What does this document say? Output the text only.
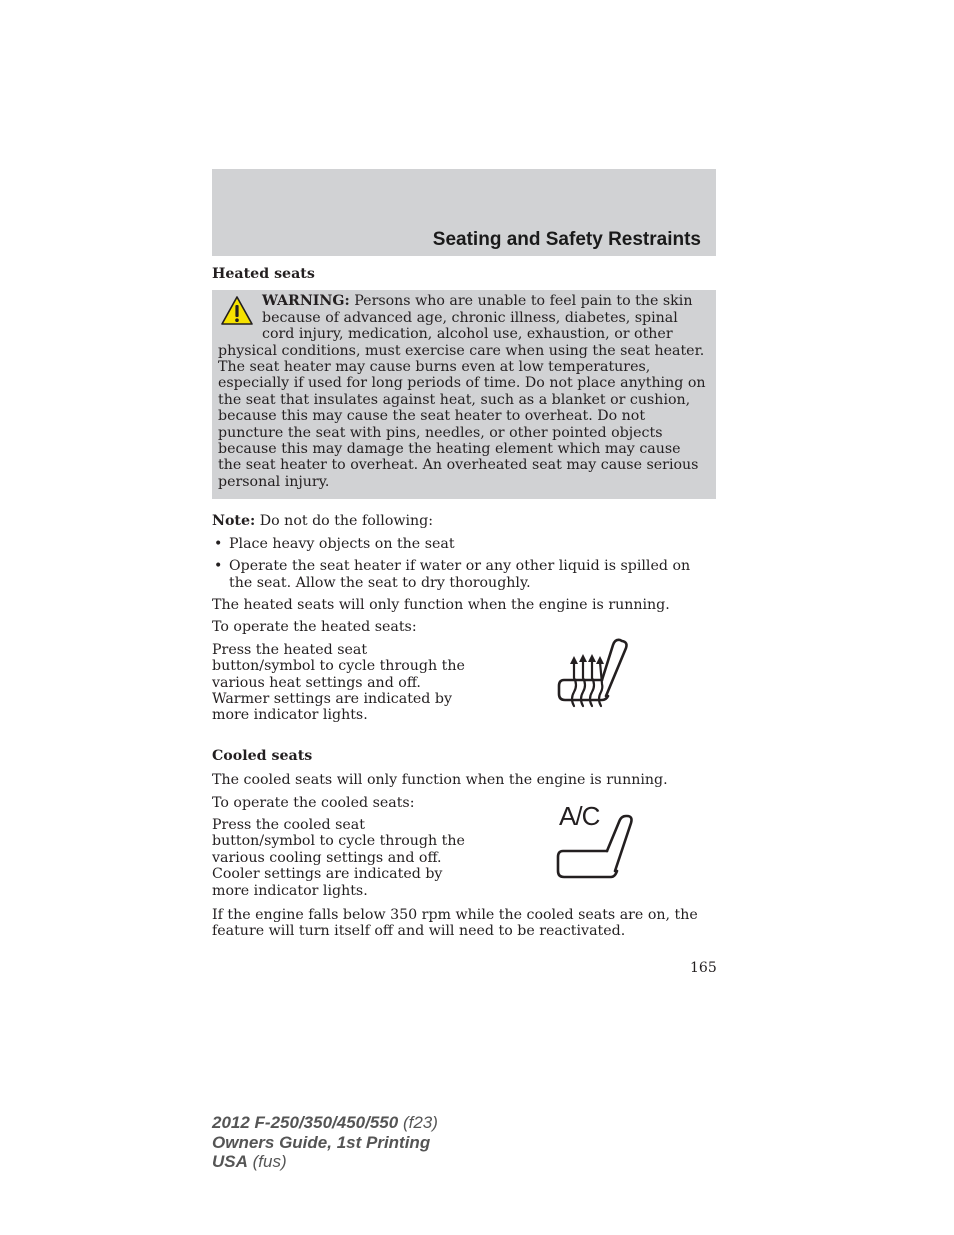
Seating and Safety Restraints
Heated seats

WARNING: Persons who are unable to feel pain to the skin because of advanced age, chronic illness, diabetes, spinal cord injury, medication, alcohol use, exhaustion, or other physical conditions, must exercise care when using the seat heater. The seat heater may cause burns even at low temperatures, especially if used for long periods of time. Do not place anything on the seat that insulates against heat, such as a blanket or cushion, because this may cause the seat heater to overheat. Do not puncture the seat with pins, needles, or other pointed objects because this may damage the heating element which may cause the seat heater to overheat. An overheated seat may cause serious personal injury.

Note: Do not do the following:

• Place heavy objects on the seat
• Operate the seat heater if water or any other liquid is spilled on the seat. Allow the seat to dry thoroughly.

The heated seats will only function when the engine is running.

To operate the heated seats:

Press the heated seat button/symbol to cycle through the various heat settings and off. Warmer settings are indicated by more indicator lights.

Cooled seats

The cooled seats will only function when the engine is running.

To operate the cooled seats:

Press the cooled seat button/symbol to cycle through the various cooling settings and off. Cooler settings are indicated by more indicator lights.

A/C

If the engine falls below 350 rpm while the cooled seats are on, the feature will turn itself off and will need to be reactivated.

165
2012 F-250/350/450/550 (f23)
Owners Guide, 1st Printing
USA (fus)
